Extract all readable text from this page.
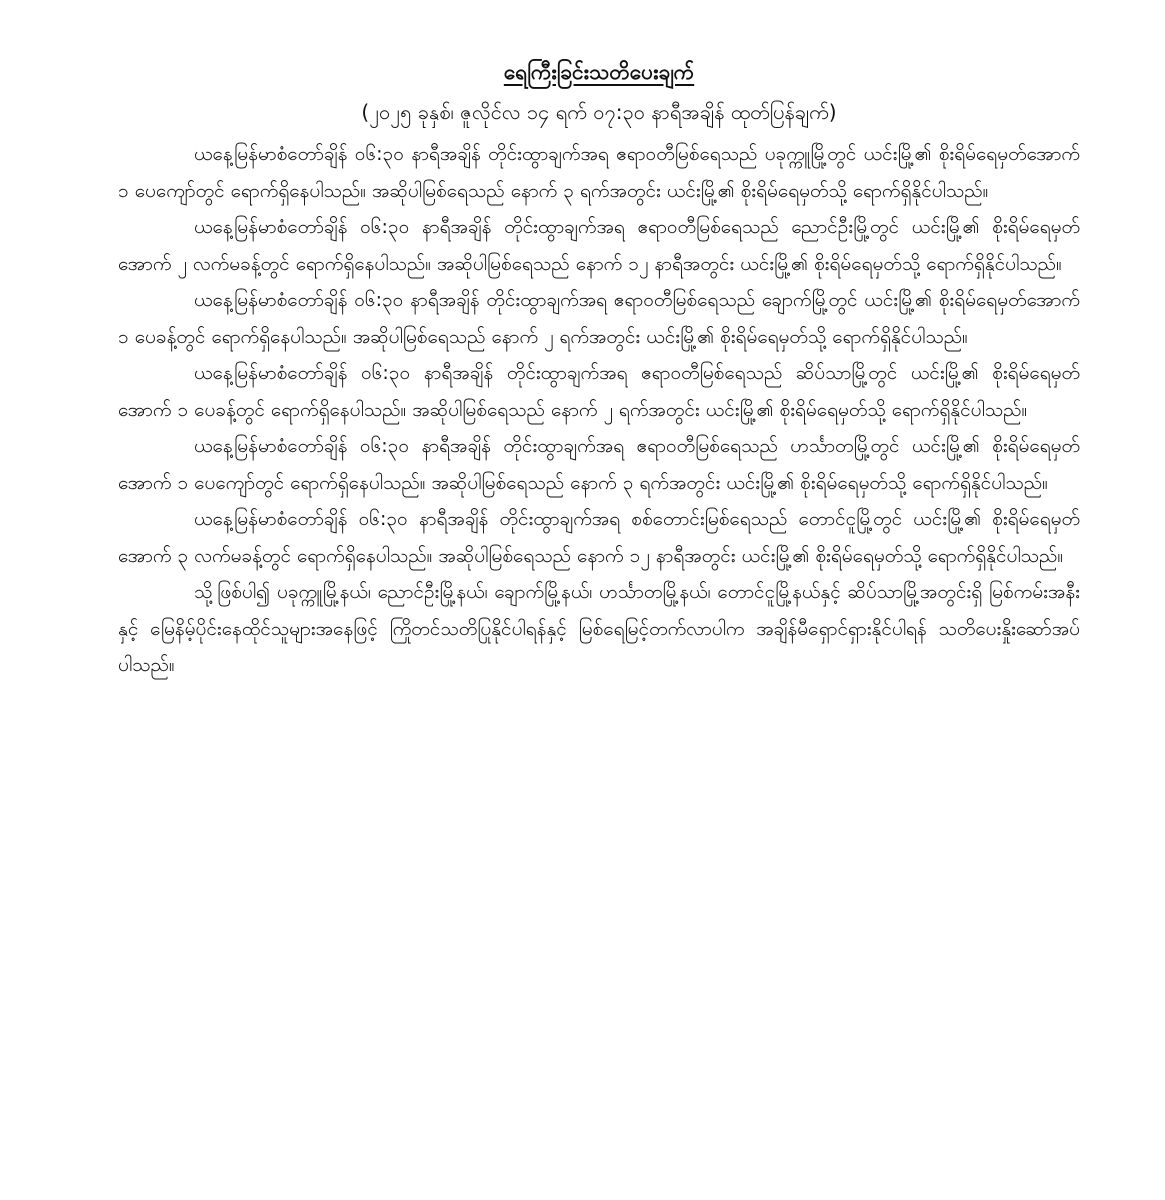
ရေကြီးခြင်းသတိပေးချက်

(၂၀၂၅ ခုနှစ်၊ ဇူလိုင်လ ၁၄ ရက် ၀၇:၃၀ နာရီအချိန် ထုတ်ပြန်ချက်)

ယနေ့မြန်မာစံတော်ချိန် ၀၆:၃၀ နာရီအချိန် တိုင်းထွာချက်အရ ဧရာဝတီမြစ်ရေသည် ပခုက္ကူမြို့တွင် ယင်းမြို့၏ စိုးရိမ်ရေမှတ်အောက် ၁ ပေကျော်တွင် ရောက်ရှိနေပါသည်။ အဆိုပါမြစ်ရေသည် နောက် ၃ ရက်အတွင်း ယင်းမြို့၏ စိုးရိမ်ရေမှတ်သို့ ရောက်ရှိနိုင်ပါသည်။

ယနေ့မြန်မာစံတော်ချိန် ၀၆:၃၀ နာရီအချိန် တိုင်းထွာချက်အရ ဧရာဝတီမြစ်ရေသည် ညောင်ဦးမြို့တွင် ယင်းမြို့၏ စိုးရိမ်ရေမှတ်အောက် ၂ လက်မခန့်တွင် ရောက်ရှိနေပါသည်။ အဆိုပါမြစ်ရေသည် နောက် ၁၂ နာရီအတွင်း ယင်းမြို့၏ စိုးရိမ်ရေမှတ်သို့ ရောက်ရှိနိုင်ပါသည်။

ယနေ့မြန်မာစံတော်ချိန် ၀၆:၃၀ နာရီအချိန် တိုင်းထွာချက်အရ ဧရာဝတီမြစ်ရေသည် ချောက်မြို့တွင် ယင်းမြို့၏ စိုးရိမ်ရေမှတ်အောက် ၁ ပေခန့်တွင် ရောက်ရှိနေပါသည်။ အဆိုပါမြစ်ရေသည် နောက် ၂ ရက်အတွင်း ယင်းမြို့၏ စိုးရိမ်ရေမှတ်သို့ ရောက်ရှိနိုင်ပါသည်။

ယနေ့မြန်မာစံတော်ချိန် ၀၆:၃၀ နာရီအချိန် တိုင်းထွာချက်အရ ဧရာဝတီမြစ်ရေသည် ဆိပ်သာမြို့တွင် ယင်းမြို့၏ စိုးရိမ်ရေမှတ်အောက် ၁ ပေခန့်တွင် ရောက်ရှိနေပါသည်။ အဆိုပါမြစ်ရေသည် နောက် ၂ ရက်အတွင်း ယင်းမြို့၏ စိုးရိမ်ရေမှတ်သို့ ရောက်ရှိနိုင်ပါသည်။

ယနေ့မြန်မာစံတော်ချိန် ၀၆:၃၀ နာရီအချိန် တိုင်းထွာချက်အရ ဧရာဝတီမြစ်ရေသည် ဟင်္သာတမြို့တွင် ယင်းမြို့၏ စိုးရိမ်ရေမှတ်အောက် ၁ ပေကျော်တွင် ရောက်ရှိနေပါသည်။ အဆိုပါမြစ်ရေသည် နောက် ၃ ရက်အတွင်း ယင်းမြို့၏ စိုးရိမ်ရေမှတ်သို့ ရောက်ရှိနိုင်ပါသည်။

ယနေ့မြန်မာစံတော်ချိန် ၀၆:၃၀ နာရီအချိန် တိုင်းထွာချက်အရ စစ်တောင်းမြစ်ရေသည် တောင်ငူမြို့တွင် ယင်းမြို့၏ စိုးရိမ်ရေမှတ်အောက် ၃ လက်မခန့်တွင် ရောက်ရှိနေပါသည်။ အဆိုပါမြစ်ရေသည် နောက် ၁၂ နာရီအတွင်း ယင်းမြို့၏ စိုးရိမ်ရေမှတ်သို့ ရောက်ရှိနိုင်ပါသည်။

သို့ဖြစ်ပါ၍ ပခုက္ကူမြို့နယ်၊ ညောင်ဦးမြို့နယ်၊ ချောက်မြို့နယ်၊ ဟင်္သာတမြို့နယ်၊ တောင်ငူမြို့နယ်နှင့် ဆိပ်သာမြို့အတွင်းရှိ မြစ်ကမ်းအနီးနှင့် မြေနိမ့်ပိုင်းနေထိုင်သူများအနေဖြင့် ကြိုတင်သတိပြုနိုင်ပါရန်နှင့် မြစ်ရေမြင့်တက်လာပါက အချိန်မီရှောင်ရှားနိုင်ပါရန် သတိပေးနှိုးဆော်အပ်ပါသည်။
